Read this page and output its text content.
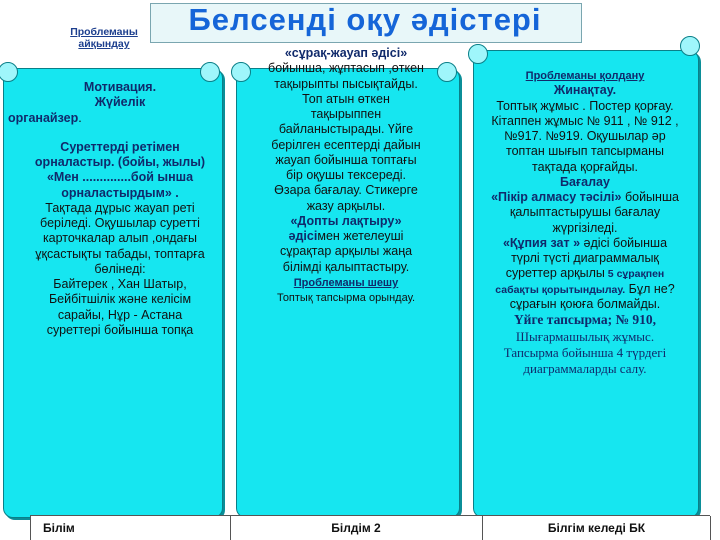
Белсенді оқу әдістері
Проблеманы айқындау
Мотивация.
Жүйелік
органайзер.
Суреттерді ретімен орналастыр. (бойы, жылы) «Мен ..............бой ынша орналастырдым» .
Тақтада дұрыс жауап реті беріледі. Оқушылар суретті карточкалар алып ,ондағы ұқсастықты табады, топтарға бөлінеді:
Байтерек , Хан Шатыр, Бейбітшілік және келісім сарайы, Нұр - Астана суреттері бойынша топқа
«сұрақ-жауап әдісі» бойынша, жұптасып ,өткен тақырыпты пысықтайды. Топ атын өткен тақырыппен байланыстырады. Үйге берілген есептерді дайын жауап бойынша топтағы бір оқушы тексереді. Өзара бағалау. Стикерге жазу арқылы.
«Допты лақтыру» әдісімен жетелеуші сұрақтар арқылы жаңа білімді қалыптастыру.
Проблеманы шешу
Топтық тапсырма орындау.
Проблеманы қолдану
Жинақтау.
Топтық жұмыс . Постер қорғау. Кітаппен жұмыс № 911 , № 912 , №917. №919. Оқушылар әр топтан шығып тапсырманы тақтада қорғайды.
Бағалау
«Пікір алмасу тәсілі» бойынша қалыптастырушы бағалау жүргізіледі.
«Құпия зат » әдісі бойынша түрлі түсті диаграммалық суреттер арқылы 5 сұрақпен сабақты қорытындылау. Бұл не? сұрағын қоюға болмайды.
Үйге тапсырма; № 910,
Шығармашылық жұмыс.
Тапсырма бойынша 4 түрдегі диаграммаларды салу.
Білім	Білдім 2	Білгім келеді БК
